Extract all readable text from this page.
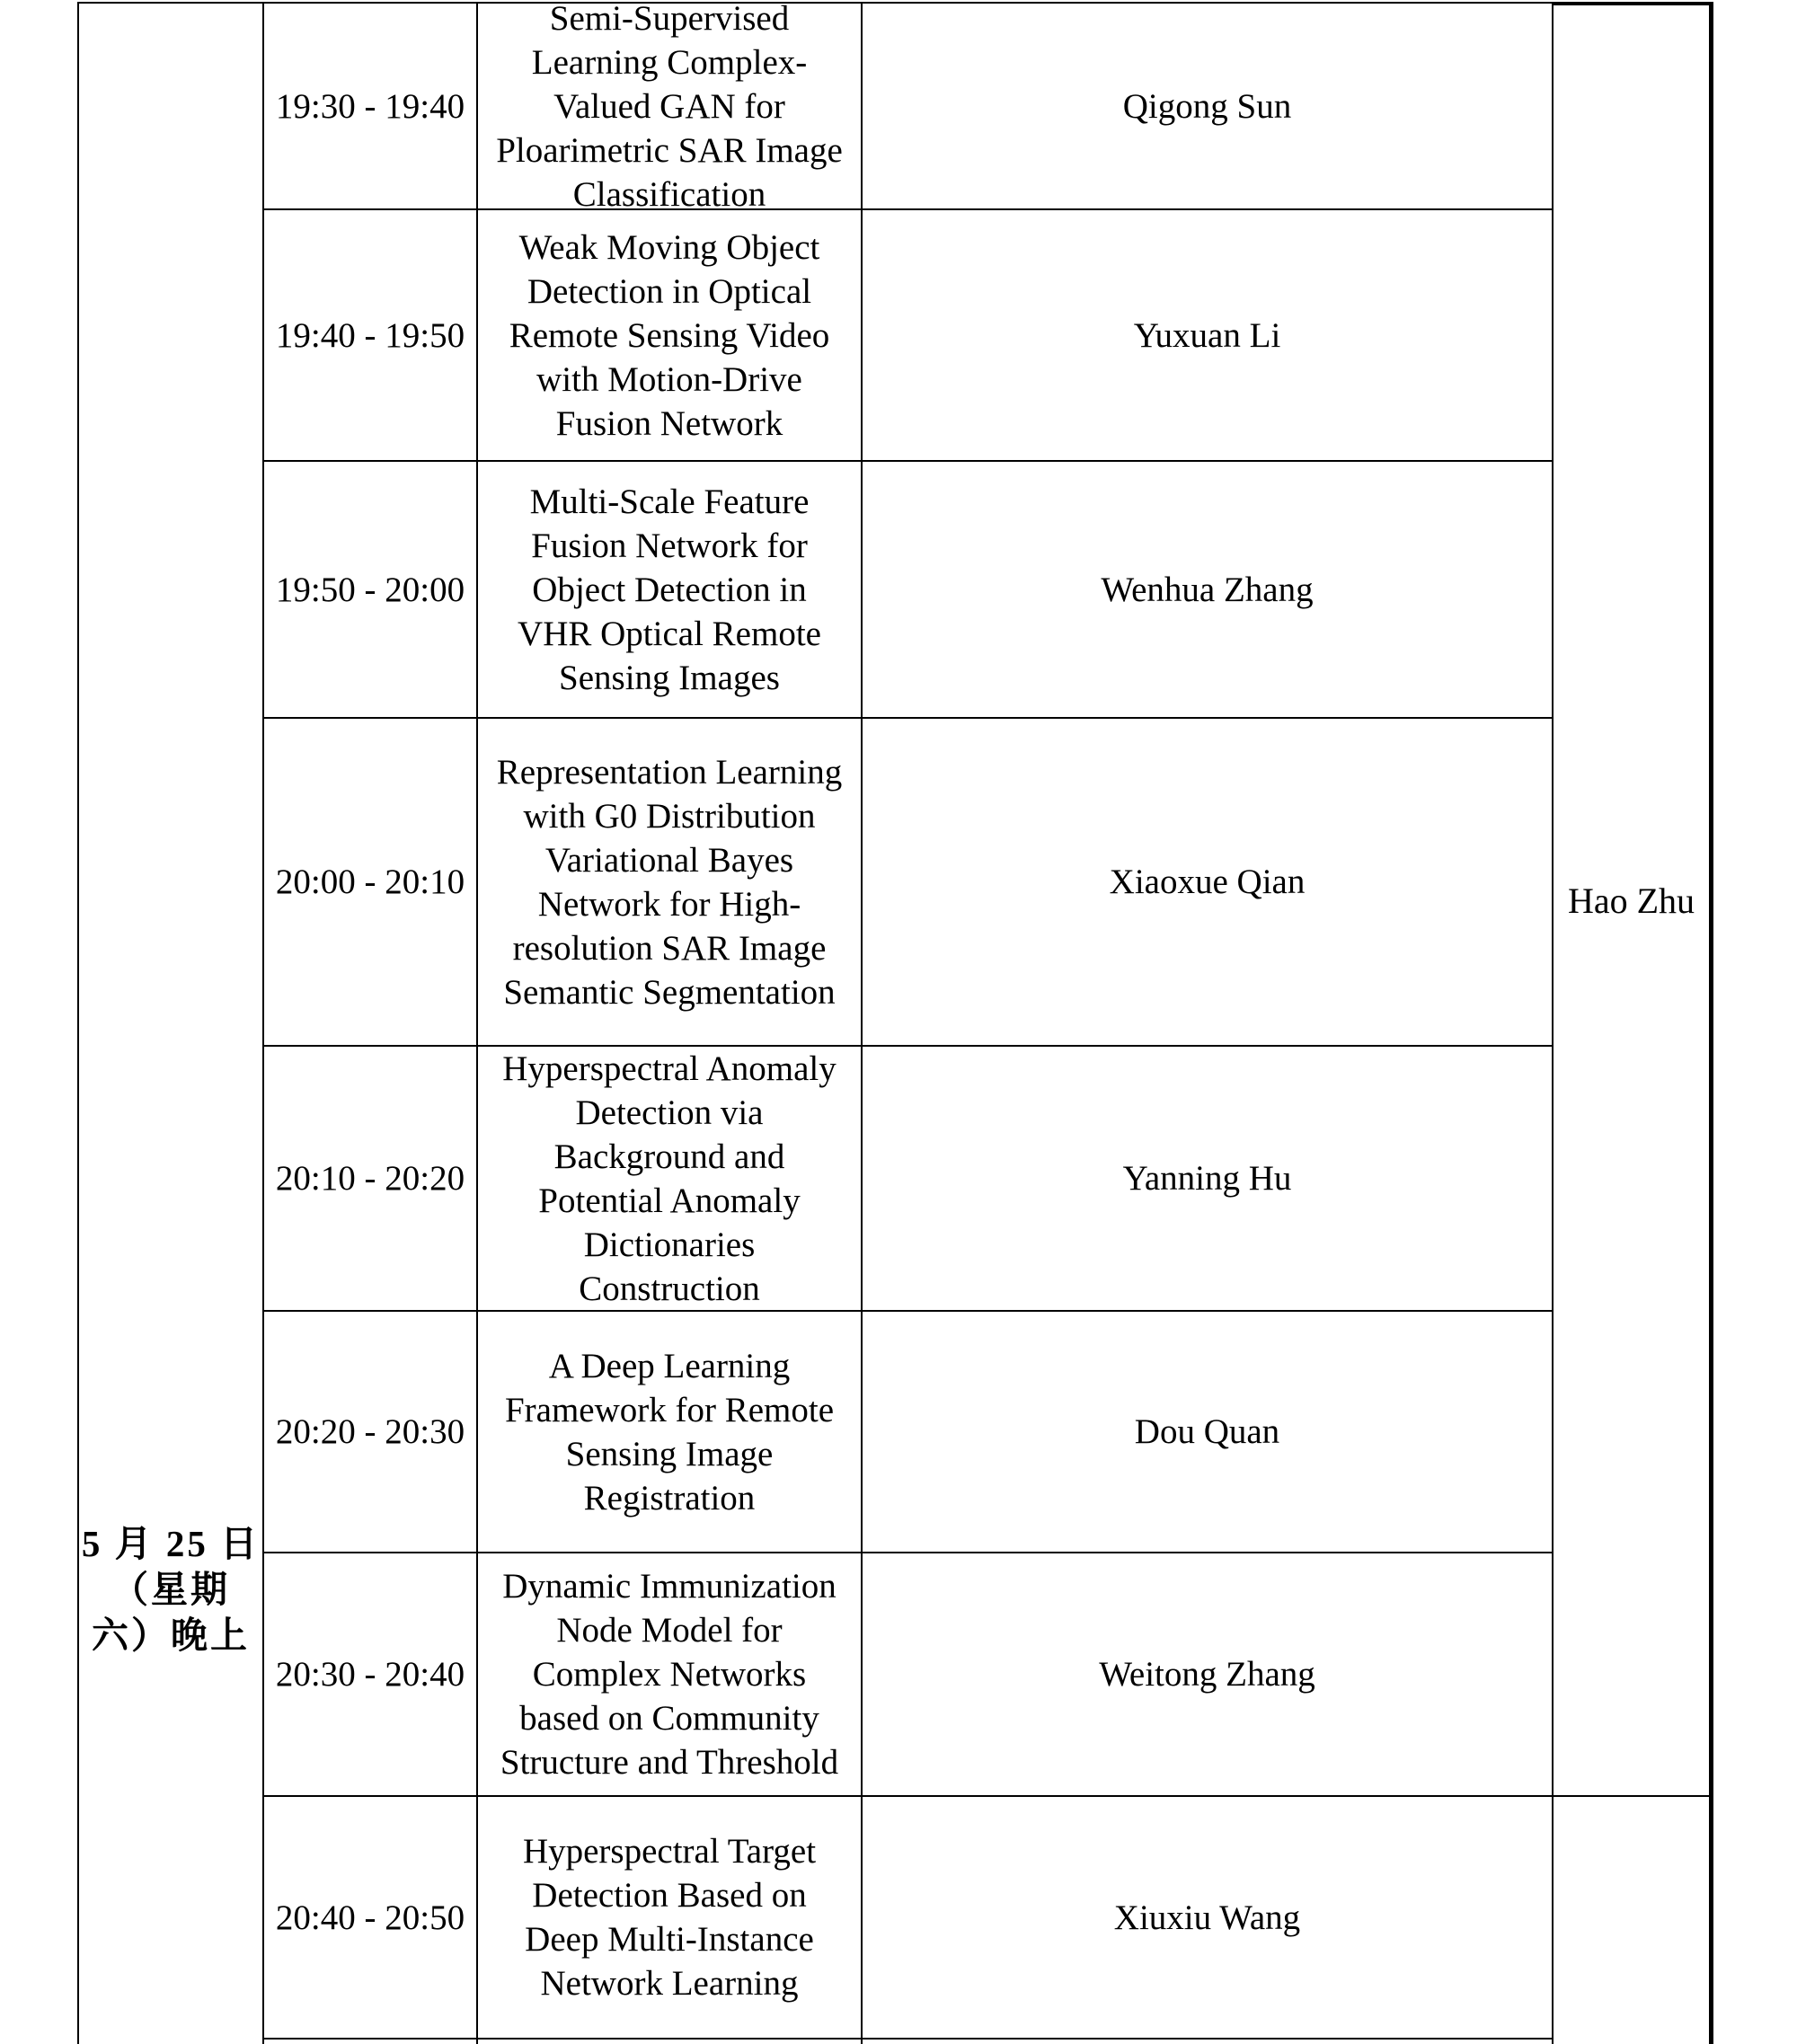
5 月 25 日
（星期
六）晚上
Hao Zhu
19:30 - 19:40
Semi-Supervised Learning Complex-Valued GAN for Ploarimetric SAR Image Classification
Qigong Sun
19:40 - 19:50
Weak Moving Object Detection in Optical Remote Sensing Video with Motion-Drive Fusion Network
Yuxuan Li
19:50 - 20:00
Multi-Scale Feature Fusion Network for Object Detection in VHR Optical Remote Sensing Images
Wenhua Zhang
20:00 - 20:10
Representation Learning with G0 Distribution Variational Bayes Network for High-resolution SAR Image Semantic Segmentation
Xiaoxue Qian
20:10 - 20:20
Hyperspectral Anomaly Detection via Background and Potential Anomaly Dictionaries Construction
Yanning Hu
20:20 - 20:30
A Deep Learning Framework for Remote Sensing Image Registration
Dou Quan
20:30 - 20:40
Dynamic Immunization Node Model for Complex Networks based on Community Structure and Threshold
Weitong Zhang
20:40 - 20:50
Hyperspectral Target Detection Based on Deep Multi-Instance Network Learning
Xiuxiu Wang
